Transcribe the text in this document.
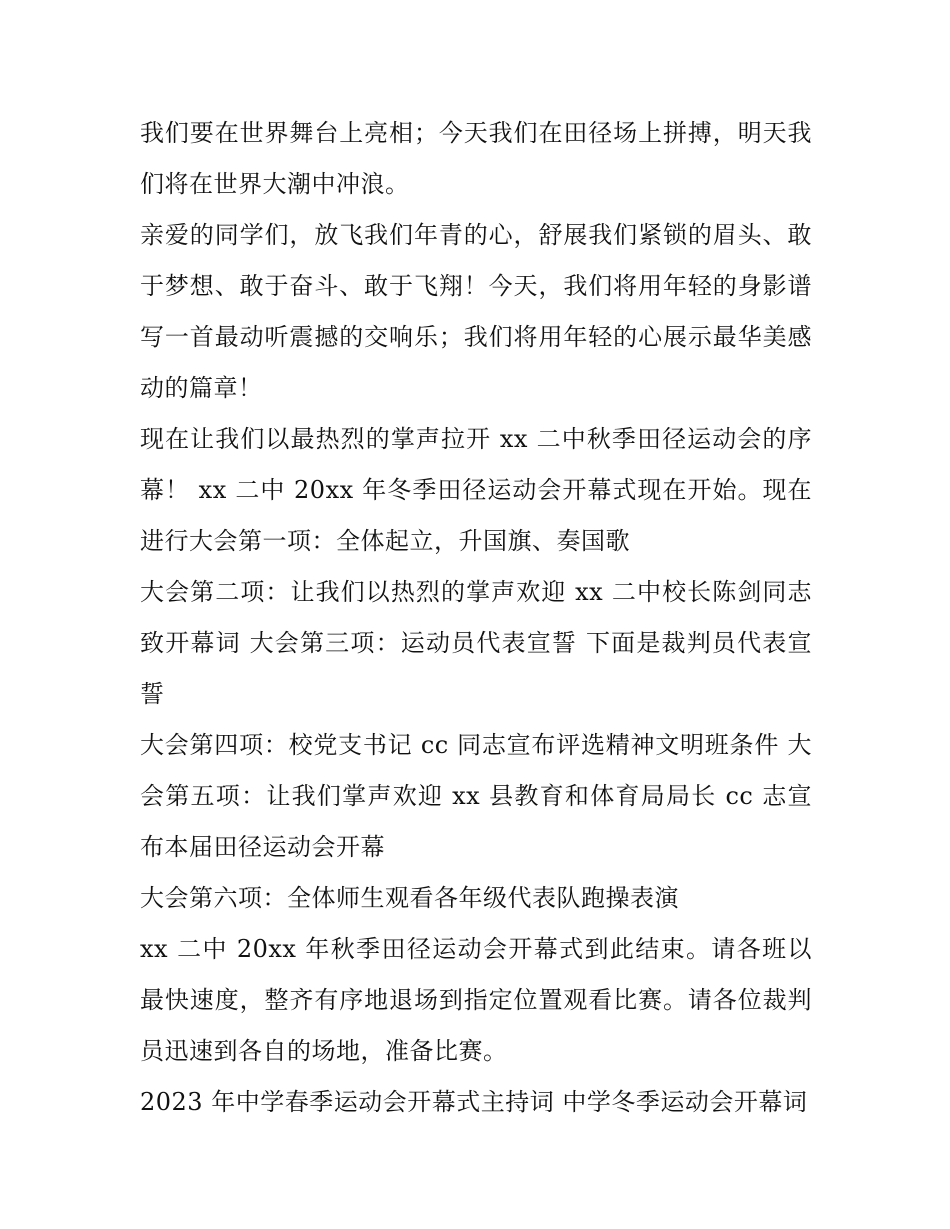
我们要在世界舞台上亮相；今天我们在田径场上拼搏，明天我们将在世界大潮中冲浪。

亲爱的同学们，放飞我们年青的心，舒展我们紧锁的眉头、敢于梦想、敢于奋斗、敢于飞翔！今天，我们将用年轻的身影谱写一首最动听震撼的交响乐；我们将用年轻的心展示最华美感动的篇章！

现在让我们以最热烈的掌声拉开 xx 二中秋季田径运动会的序幕！ xx 二中 20xx 年冬季田径运动会开幕式现在开始。现在进行大会第一项：全体起立，升国旗、奏国歌

大会第二项：让我们以热烈的掌声欢迎 xx 二中校长陈剑同志致开幕词 大会第三项：运动员代表宣誓 下面是裁判员代表宣誓

大会第四项：校党支书记 cc 同志宣布评选精神文明班条件 大会第五项：让我们掌声欢迎 xx 县教育和体育局局长 cc 志宣布本届田径运动会开幕

大会第六项：全体师生观看各年级代表队跑操表演

xx 二中 20xx 年秋季田径运动会开幕式到此结束。请各班以最快速度，整齐有序地退场到指定位置观看比赛。请各位裁判员迅速到各自的场地，准备比赛。

2023 年中学春季运动会开幕式主持词 中学冬季运动会开幕词
